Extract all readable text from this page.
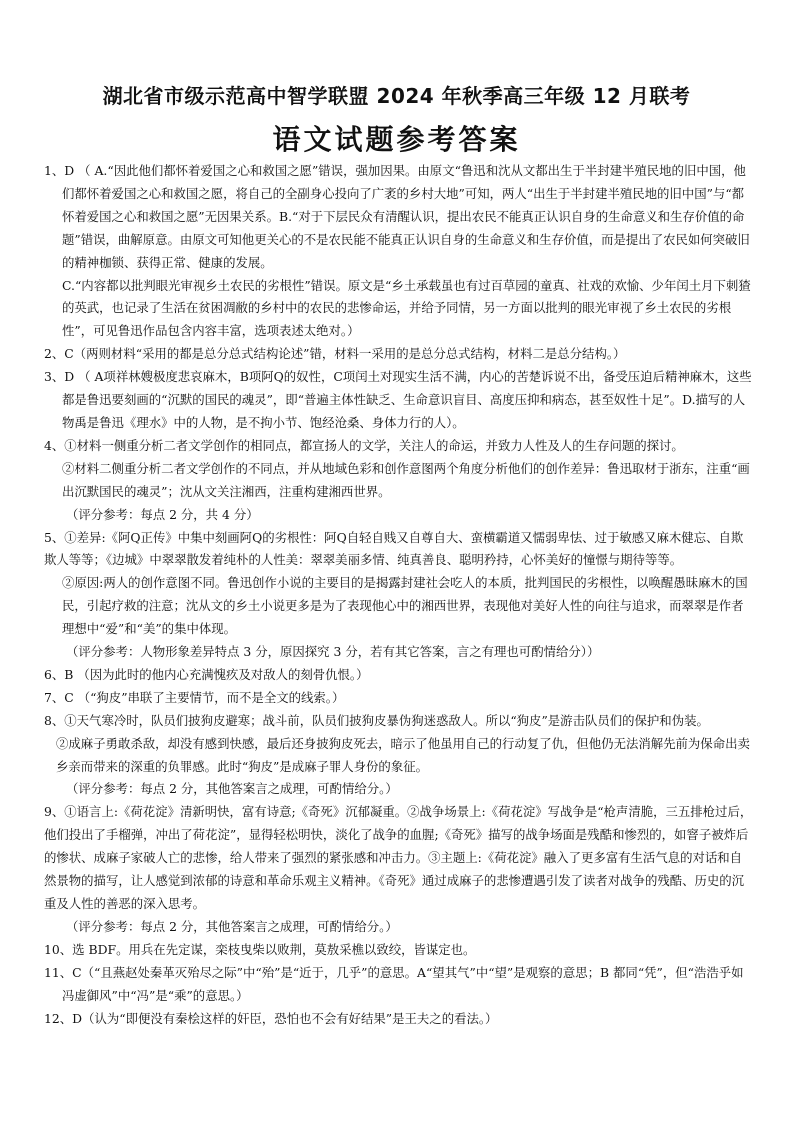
湖北省市级示范高中智学联盟 2024 年秋季高三年级 12 月联考
语文试题参考答案

1、D （ A.“因此他们都怀着爱国之心和救国之愿”错误，强加因果。由原文“鲁迅和沈从文都出生于半封建半殖民地的旧中国，他们都怀着爱国之心和救国之愿，将自己的全副身心投向了广袤的乡村大地”可知，两人“出生于半封建半殖民地的旧中国”与“都怀着爱国之心和救国之愿”无因果关系。B.“对于下层民众有清醒认识，提出农民不能真正认识自身的生命意义和生存价值的命题”错误，曲解原意。由原文可知他更关心的不是农民能不能真正认识自身的生命意义和生存价值，而是提出了农民如何突破旧的精神枷锁、获得正常、健康的发展。

C.“内容都以批判眼光审视乡土农民的劣根性”错误。原文是“乡土承载虽也有过百草园的童真、社戏的欢愉、少年闰土月下刺猹的英武，也记录了生活在贫困凋敝的乡村中的农民的悲惨命运，并给予同情，另一方面以批判的眼光审视了乡土农民的劣根性”，可见鲁迅作品包含内容丰富，选项表述太绝对。）

2、C（两则材料“采用的都是总分总式结构论述”错，材料一采用的是总分总式结构，材料二是总分结构。）

3、D （ A项祥林嫂极度悲哀麻木，B项阿Q的奴性，C项闰土对现实生活不满，内心的苦楚诉说不出，备受压迫后精神麻木，这些都是鲁迅要刻画的“沉默的国民的魂灵”，即“普遍主体性缺乏、生命意识盲目、高度压抑和病态，甚至奴性十足”。D.描写的人物禹是鲁迅《理水》中的人物，是不拘小节、饱经沧桑、身体力行的人）。

4、①材料一侧重分析二者文学创作的相同点，都宣扬人的文学，关注人的命运，并致力人性及人的生存问题的探讨。

②材料二侧重分析二者文学创作的不同点，并从地域色彩和创作意图两个角度分析他们的创作差异：鲁迅取材于浙东，注重“画出沉默国民的魂灵”；沈从文关注湘西，注重构建湘西世界。

（评分参考：每点 2 分，共 4 分）

5、①差异:《阿Q正传》中集中刻画阿Q的劣根性：阿Q自轻自贱又自尊自大、蛮横霸道又懦弱卑怯、过于敏感又麻木健忘、自欺欺人等等；《边城》中翠翠散发着纯朴的人性美：翠翠美丽多情、纯真善良、聪明矜持，心怀美好的憧憬与期待等等。

②原因:两人的创作意图不同。鲁迅创作小说的主要目的是揭露封建社会吃人的本质，批判国民的劣根性，以唤醒愚昧麻木的国民，引起疗救的注意；沈从文的乡土小说更多是为了表现他心中的湘西世界，表现他对美好人性的向往与追求，而翠翠是作者理想中“爱”和“美”的集中体现。

（评分参考：人物形象差异特点 3 分，原因探究 3 分，若有其它答案，言之有理也可酌情给分））

6、B （因为此时的他内心充满愧疚及对敌人的刻骨仇恨。）

7、C （“狗皮”串联了主要情节，而不是全文的线索。）

8、①天气寒冷时，队员们披狗皮避寒；战斗前，队员们披狗皮暴伪狗迷惑敌人。所以“狗皮”是游击队员们的保护和伪装。

②成麻子勇敢杀敌，却没有感到快感，最后还身披狗皮死去，暗示了他虽用自己的行动复了仇，但他仍无法消解先前为保命出卖乡亲而带来的深重的负罪感。此时“狗皮”是成麻子罪人身份的象征。

（评分参考：每点 2 分，其他答案言之成理，可酌情给分。）

9、①语言上:《荷花淀》清新明快，富有诗意;《奇死》沉郁凝重。②战争场景上:《荷花淀》写战争是“枪声清脆，三五排枪过后，他们投出了手榴弹，冲出了荷花淀”，显得轻松明快，淡化了战争的血腥;《奇死》描写的战争场面是残酷和惨烈的，如窨子被炸后的惨状、成麻子家破人亡的悲惨，给人带来了强烈的紧张感和冲击力。③主题上:《荷花淀》融入了更多富有生活气息的对话和自然景物的描写，让人感觉到浓郁的诗意和革命乐观主义精神。《奇死》通过成麻子的悲惨遭遇引发了读者对战争的残酷、历史的沉重及人性的善恶的深入思考。

（评分参考：每点 2 分，其他答案言之成理，可酌情给分。）

10、选 BDF。用兵在先定谋，栾枝曳柴以败荆，莫敖采樵以致绞，皆谋定也。

11、C（“且燕赵处秦革灭殆尽之际”中“殆”是“近于，几乎”的意思。A“望其气”中“望”是观察的意思；B 都同“凭”，但“浩浩乎如冯虚御风”中“冯”是“乘”的意思。）

12、D（认为“即便没有秦桧这样的奸臣，恐怕也不会有好结果”是王夫之的看法。）
